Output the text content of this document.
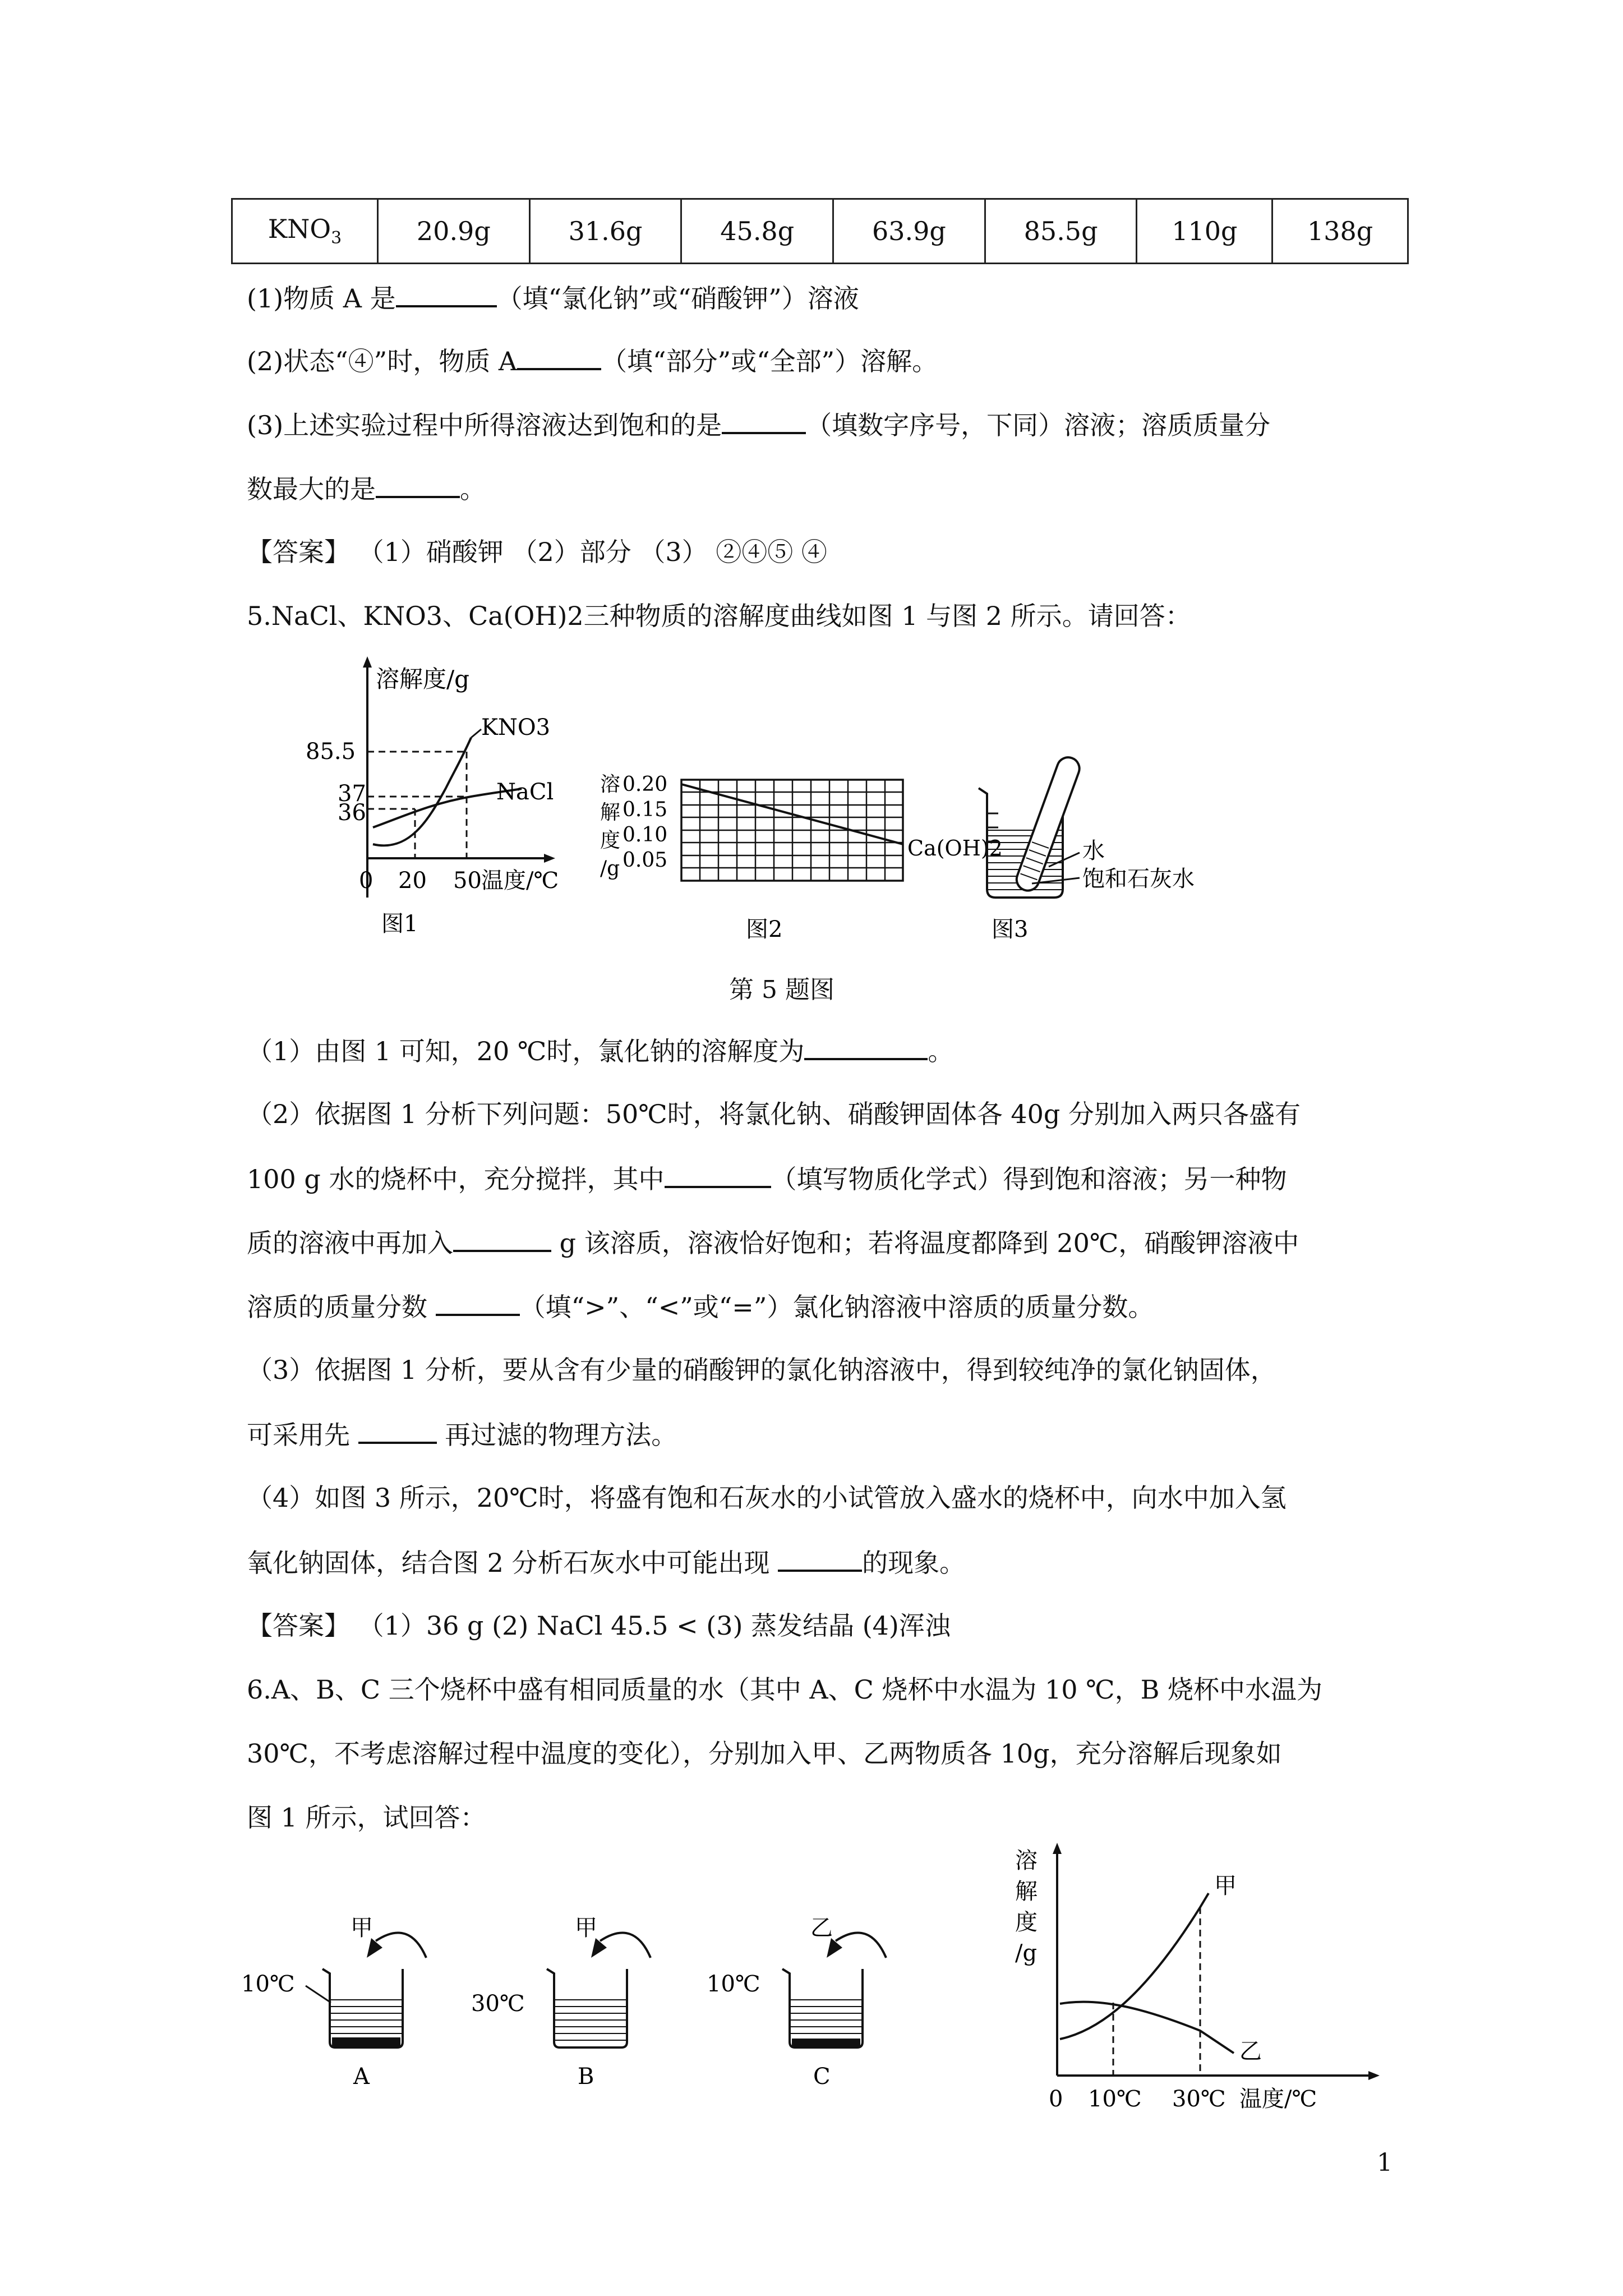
$KNO_3$	20.9g	31.6g	45.8g	63.9g	85.5g	110g	138g
(1)物质 A 是	（填“氯化钠”或“硝酸钾”）溶液
(2)状态“④”时，物质 A	（填“部分”或“全部”）溶解。
(3)上述实验过程中所得溶液达到饱和的是	（填数字序号，下同）溶液；溶质质量分
数最大的是	。
【答案】 （1）硝酸钾 （2）部分 （3） ②④⑤ ④
5.NaCl、KNO3、Ca(OH)2三种物质的溶解度曲线如图 1 与图 2 所示。请回答：
溶解度/g
KNO3
NaCl
85.5
37
36
0 20 50 温度/℃
图1
溶
解
度
/g
0.20
0.15
0.10
0.05	Ca(OH)2
图2
水
饱和石灰水
图3
第 5 题图
（1）由图 1 可知，20 ℃时，氯化钠的溶解度为	。
（2）依据图 1 分析下列问题：50℃时，将氯化钠、硝酸钾固体各 40g 分别加入两只各盛有
100 g 水的烧杯中，充分搅拌，其中	（填写物质化学式）得到饱和溶液；另一种物
质的溶液中再加入	g 该溶质，溶液恰好饱和；若将温度都降到 20℃，硝酸钾溶液中
溶质的质量分数	（填“>”、“<”或“=”）氯化钠溶液中溶质的质量分数。
（3）依据图 1 分析，要从含有少量的硝酸钾的氯化钠溶液中，得到较纯净的氯化钠固体，
可采用先	再过滤的物理方法。
（4）如图 3 所示，20℃时，将盛有饱和石灰水的小试管放入盛水的烧杯中，向水中加入氢
氧化钠固体，结合图 2 分析石灰水中可能出现	的现象。
【答案】 （1）36 g (2) NaCl 45.5 < (3) 蒸发结晶 (4)浑浊
6.A、B、C 三个烧杯中盛有相同质量的水（其中 A、C 烧杯中水温为 10 ℃，B 烧杯中水温为
30℃，不考虑溶解过程中温度的变化），分别加入甲、乙两物质各 10g，充分溶解后现象如
图 1 所示，试回答：
甲
10℃
A
甲
30℃
B
乙
10℃
C
溶
解
度
/g
甲
乙
0 10℃ 30℃ 温度/℃
1
